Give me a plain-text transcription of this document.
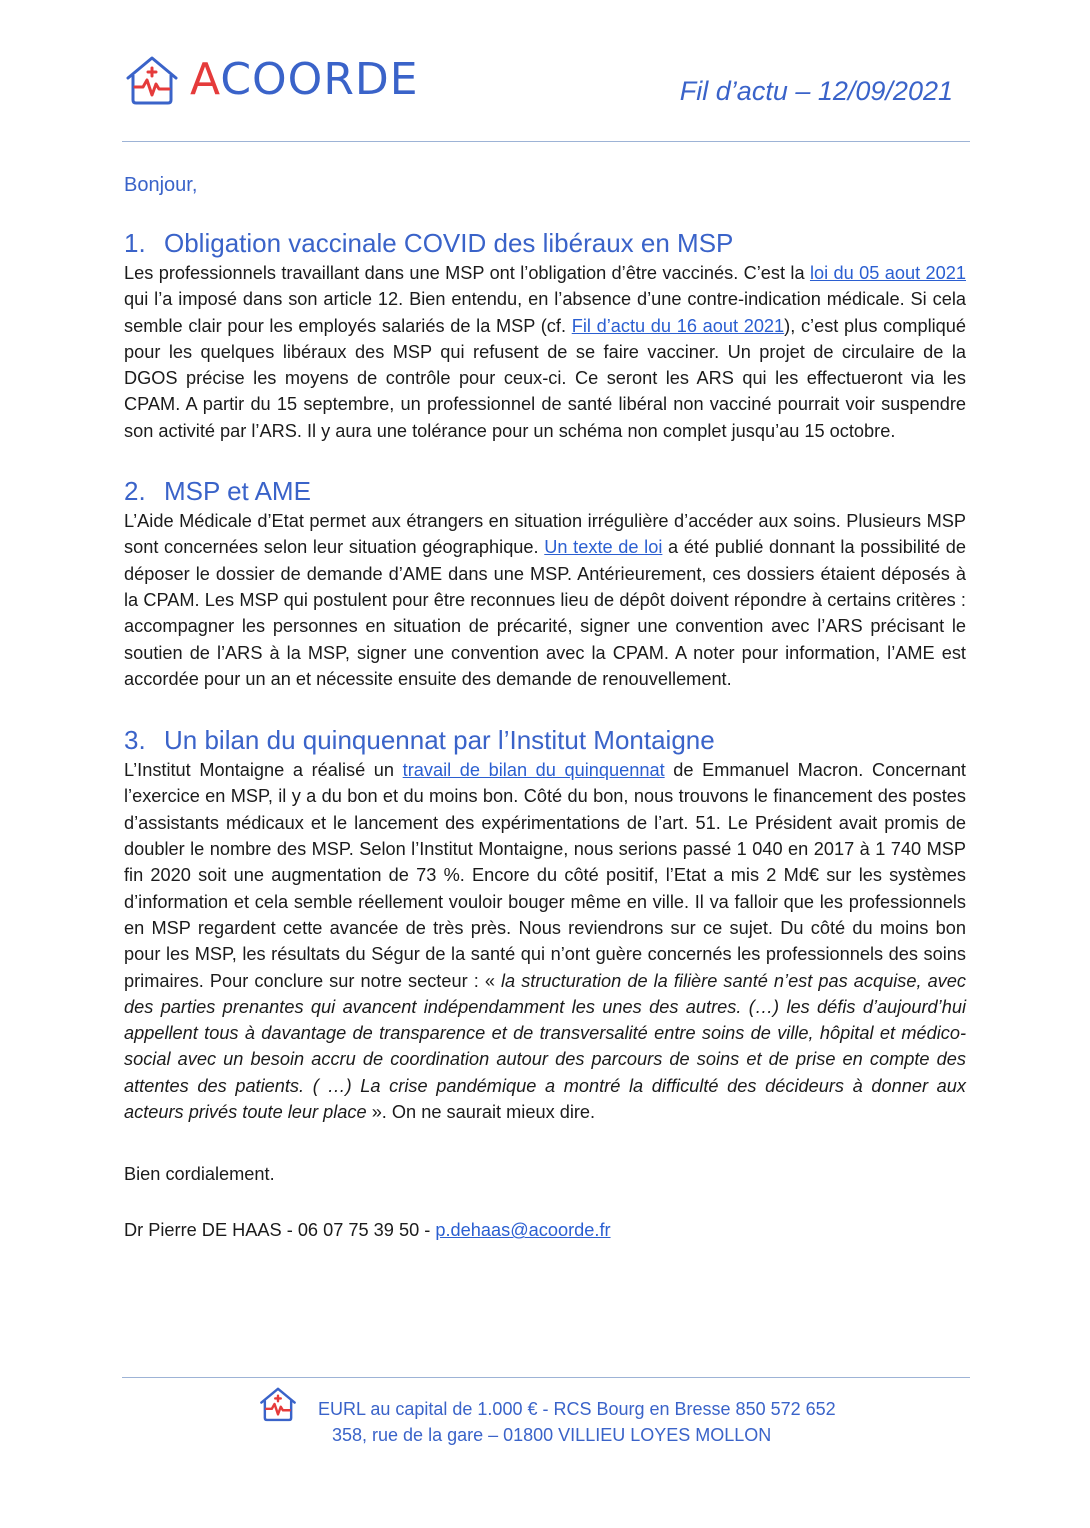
ACOORDE	Fil d’actu – 12/09/2021

Bonjour,

1. Obligation vaccinale COVID des libéraux en MSP

Les professionnels travaillant dans une MSP ont l’obligation d’être vaccinés. C’est la loi du 05 aout 2021 qui l’a imposé dans son article 12. Bien entendu, en l’absence d’une contre-indication médicale. Si cela semble clair pour les employés salariés de la MSP (cf. Fil d’actu du 16 aout 2021), c’est plus compliqué pour les quelques libéraux des MSP qui refusent de se faire vacciner. Un projet de circulaire de la DGOS précise les moyens de contrôle pour ceux-ci. Ce seront les ARS qui les effectueront via les CPAM. A partir du 15 septembre, un professionnel de santé libéral non vacciné pourrait voir suspendre son activité par l’ARS. Il y aura une tolérance pour un schéma non complet jusqu’au 15 octobre.

2. MSP et AME

L’Aide Médicale d’Etat permet aux étrangers en situation irrégulière d’accéder aux soins. Plusieurs MSP sont concernées selon leur situation géographique. Un texte de loi a été publié donnant la possibilité de déposer le dossier de demande d’AME dans une MSP. Antérieurement, ces dossiers étaient déposés à la CPAM. Les MSP qui postulent pour être reconnues lieu de dépôt doivent répondre à certains critères : accompagner les personnes en situation de précarité, signer une convention avec l’ARS précisant le soutien de l’ARS à la MSP, signer une convention avec la CPAM. A noter pour information, l’AME est accordée pour un an et nécessite ensuite des demande de renouvellement.

3. Un bilan du quinquennat par l’Institut Montaigne

L’Institut Montaigne a réalisé un travail de bilan du quinquennat de Emmanuel Macron. Concernant l’exercice en MSP, il y a du bon et du moins bon. Côté du bon, nous trouvons le financement des postes d’assistants médicaux et le lancement des expérimentations de l’art. 51. Le Président avait promis de doubler le nombre des MSP. Selon l’Institut Montaigne, nous serions passé 1 040 en 2017 à 1 740 MSP fin 2020 soit une augmentation de 73 %. Encore du côté positif, l’Etat a mis 2 Md€ sur les systèmes d’information et cela semble réellement vouloir bouger même en ville. Il va falloir que les professionnels en MSP regardent cette avancée de très près. Nous reviendrons sur ce sujet. Du côté du moins bon pour les MSP, les résultats du Ségur de la santé qui n’ont guère concernés les professionnels des soins primaires. Pour conclure sur notre secteur : « la structuration de la filière santé n’est pas acquise, avec des parties prenantes qui avancent indépendamment les unes des autres. (…) les défis d’aujourd’hui appellent tous à davantage de transparence et de transversalité entre soins de ville, hôpital et médico-social avec un besoin accru de coordination autour des parcours de soins et de prise en compte des attentes des patients. ( …) La crise pandémique a montré la difficulté des décideurs à donner aux acteurs privés toute leur place ». On ne saurait mieux dire.

Bien cordialement.

Dr Pierre DE HAAS - 06 07 75 39 50 - p.dehaas@acoorde.fr
EURL au capital de 1.000 € - RCS Bourg en Bresse 850 572 652
358, rue de la gare – 01800 VILLIEU LOYES MOLLON
